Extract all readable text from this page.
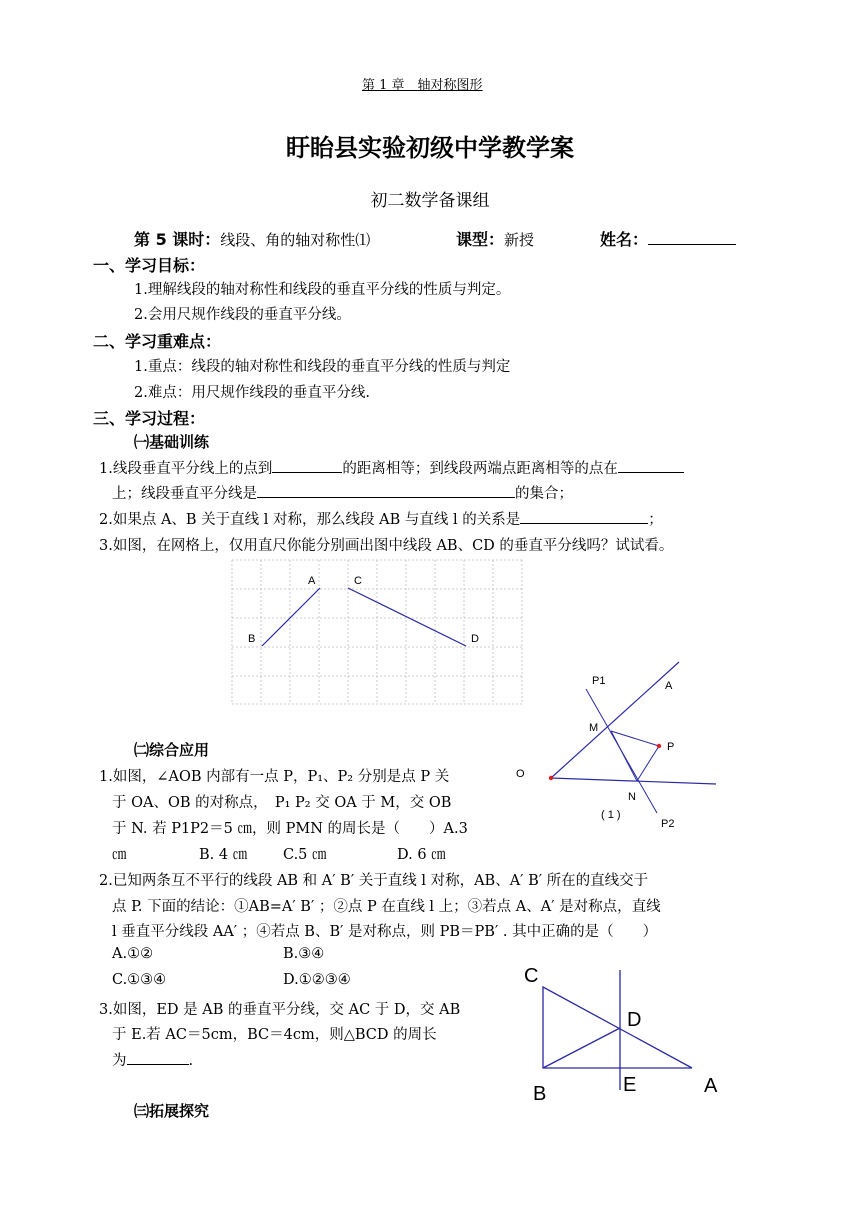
第 1 章　轴对称图形
盱眙县实验初级中学教学案
初二数学备课组
第 5 课时：线段、角的轴对称性⑴	课型：新授	姓名：
一、学习目标：
1.理解线段的轴对称性和线段的垂直平分线的性质与判定。
2.会用尺规作线段的垂直平分线。
二、学习重难点：
1.重点：线段的轴对称性和线段的垂直平分线的性质与判定
2.难点：用尺规作线段的垂直平分线.
三、学习过程：
㈠基础训练
1.线段垂直平分线上的点到	的距离相等；到线段两端点距离相等的点在
上；线段垂直平分线是	的集合；
2.如果点 A、B 关于直线 l 对称，那么线段 AB 与直线 l 的关系是	；
3.如图，在网格上，仅用直尺你能分别画出图中线段 AB、CD 的垂直平分线吗？试试看。
A	C
B	D
㈡综合应用
1.如图，∠AOB 内部有一点 P，P₁、P₂ 分别是点 P 关
于 OA、OB 的对称点，　P₁ P₂ 交 OA 于 M，交 OB
于 N. 若 P1P2＝5 ㎝，则 PMN 的周长是（　　）A.3
㎝	B. 4 ㎝ C.5 ㎝	D. 6 ㎝
P1	A
M
P
O
N
( 1 )
P2
2.已知两条互不平行的线段 AB 和 A′ B′ 关于直线 l 对称，AB、A′ B′ 所在的直线交于
点 P. 下面的结论：①AB=A′ B′ ；②点 P 在直线 l 上；③若点 A、A′ 是对称点，直线
l 垂直平分线段 AA′ ；④若点 B、B′ 是对称点，则 PB＝PB′ . 其中正确的是（　　）
A.①②	B.③④
C.①③④	D.①②③④
3.如图，ED 是 AB 的垂直平分线，交 AC 于 D，交 AB
于 E.若 AC＝5cm，BC＝4cm，则△BCD 的周长
为	.
C
D
B	E	A
㈢拓展探究
